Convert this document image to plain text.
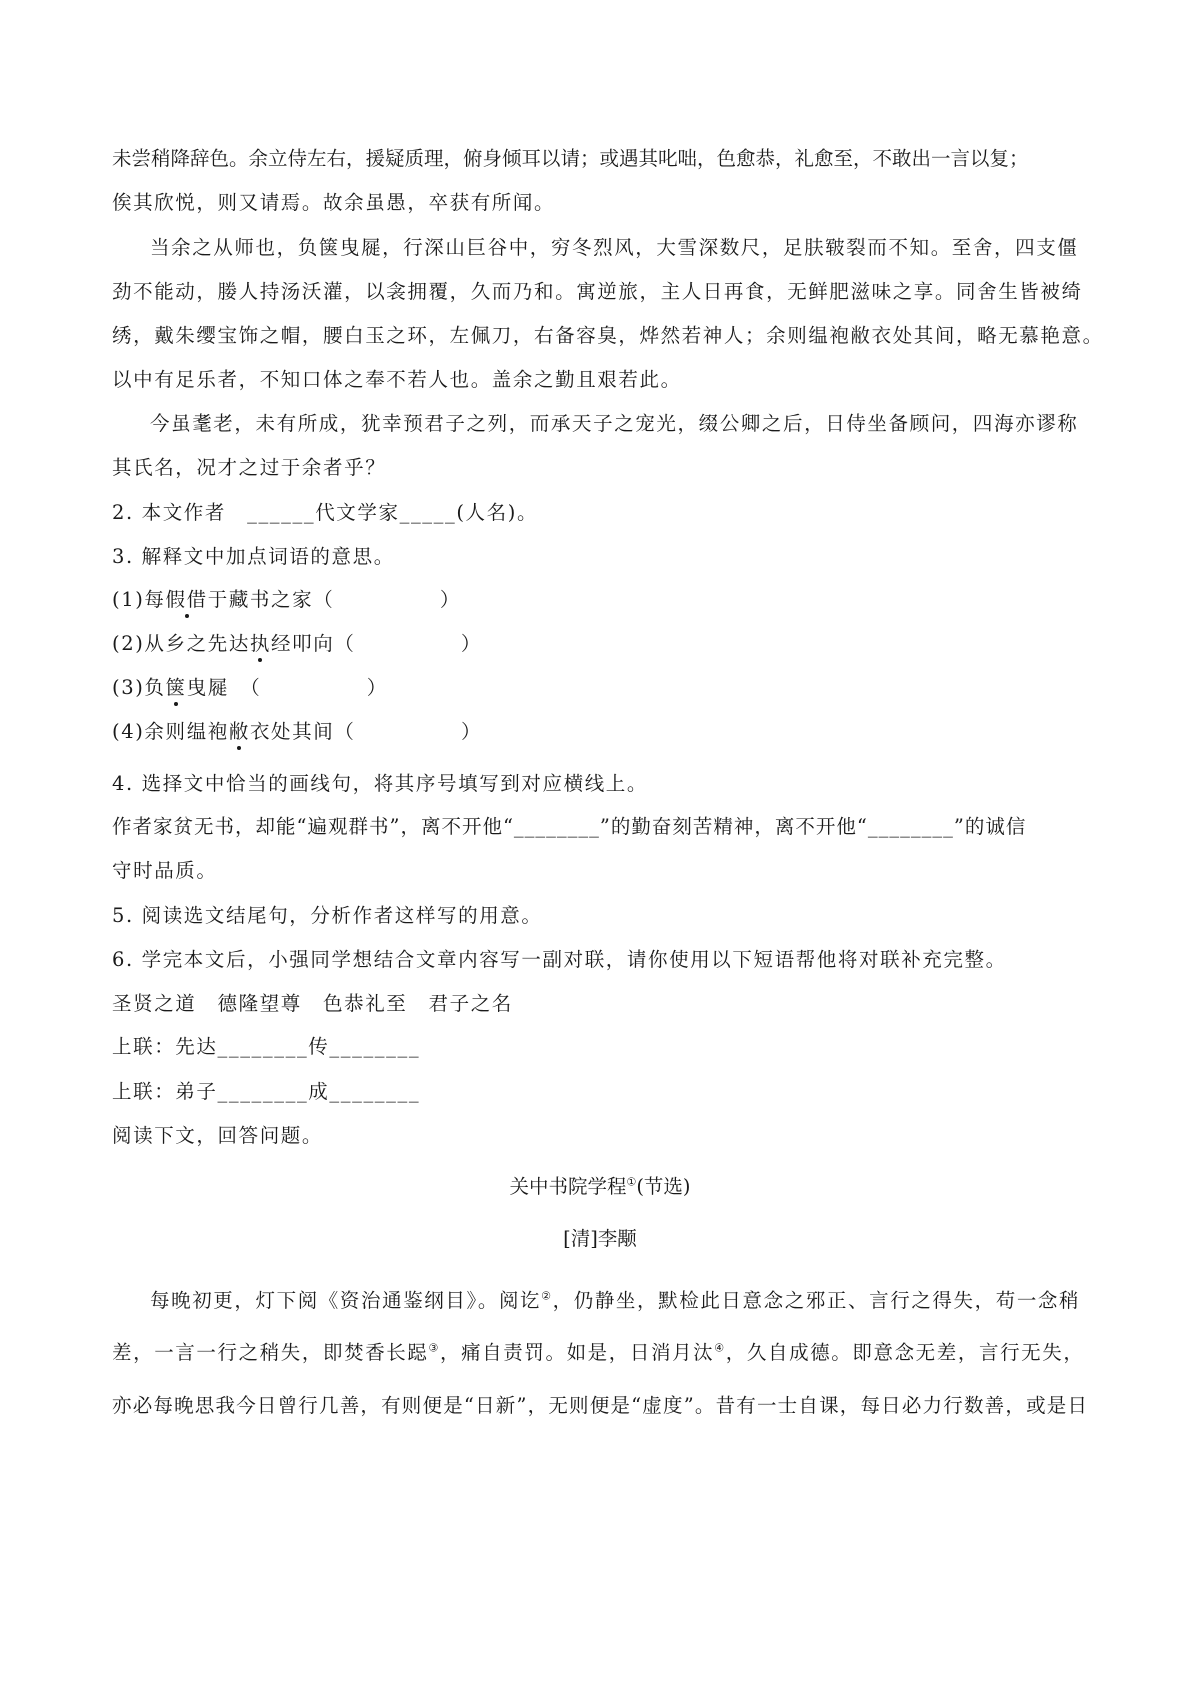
未尝稍降辞色。余立侍左右，援疑质理，俯身倾耳以请；或遇其叱咄，色愈恭，礼愈至，不敢出一言以复；
俟其欣悦，则又请焉。故余虽愚，卒获有所闻。
当余之从师也，负箧曳屣，行深山巨谷中，穷冬烈风，大雪深数尺，足肤皲裂而不知。至舍，四支僵
劲不能动，媵人持汤沃灌，以衾拥覆，久而乃和。寓逆旅，主人日再食，无鲜肥滋味之享。同舍生皆被绮
绣，戴朱缨宝饰之帽，腰白玉之环，左佩刀，右备容臭，烨然若神人；余则缊袍敝衣处其间，略无慕艳意。
以中有足乐者，不知口体之奉不若人也。盖余之勤且艰若此。
今虽耄老，未有所成，犹幸预君子之列，而承天子之宠光，缀公卿之后，日侍坐备顾问，四海亦谬称
其氏名，况才之过于余者乎？
2. 本文作者　______代文学家_____(人名)。
3. 解释文中加点词语的意思。
(1)每假借于藏书之家（　　　　　）
(2)从乡之先达执经叩向（　　　　　）
(3)负箧曳屣　（　　　　　）
(4)余则缊袍敝衣处其间（　　　　　）
4. 选择文中恰当的画线句，将其序号填写到对应横线上。
作者家贫无书，却能“遍观群书”，离不开他“________”的勤奋刻苦精神，离不开他“________”的诚信
守时品质。
5. 阅读选文结尾句，分析作者这样写的用意。
6. 学完本文后，小强同学想结合文章内容写一副对联，请你使用以下短语帮他将对联补充完整。
圣贤之道　德隆望尊　色恭礼至　君子之名
上联：先达________传________
上联：弟子________成________
阅读下文，回答问题。
关中书院学程①(节选)
[清]李颙
每晚初更，灯下阅《资治通鉴纲目》。阅讫②，仍静坐，默检此日意念之邪正、言行之得失，苟一念稍
差，一言一行之稍失，即焚香长跽③，痛自责罚。如是，日消月汰④，久自成德。即意念无差，言行无失，
亦必每晚思我今日曾行几善，有则便是“日新”，无则便是“虚度”。昔有一士自课，每日必力行数善，或是日
